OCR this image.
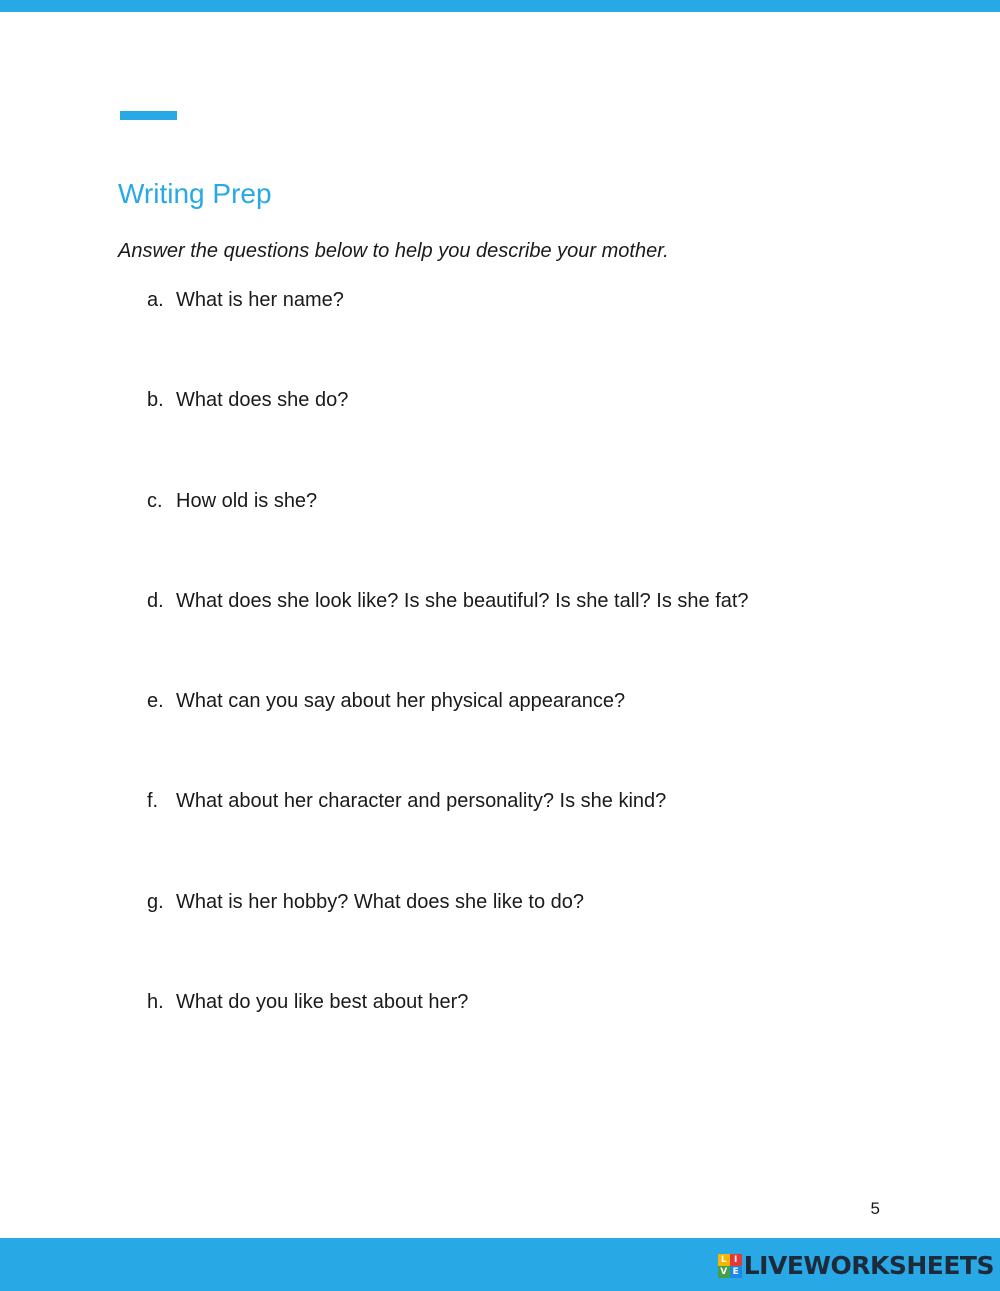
Writing Prep

Answer the questions below to help you describe your mother.

a. What is her name?
b. What does she do?
c. How old is she?
d. What does she look like? Is she beautiful? Is she tall? Is she fat?
e. What can you say about her physical appearance?
f. What about her character and personality? Is she kind?
g. What is her hobby? What does she like to do?
h. What do you like best about her?
5
L I
V E LIVEWORKSHEETS
